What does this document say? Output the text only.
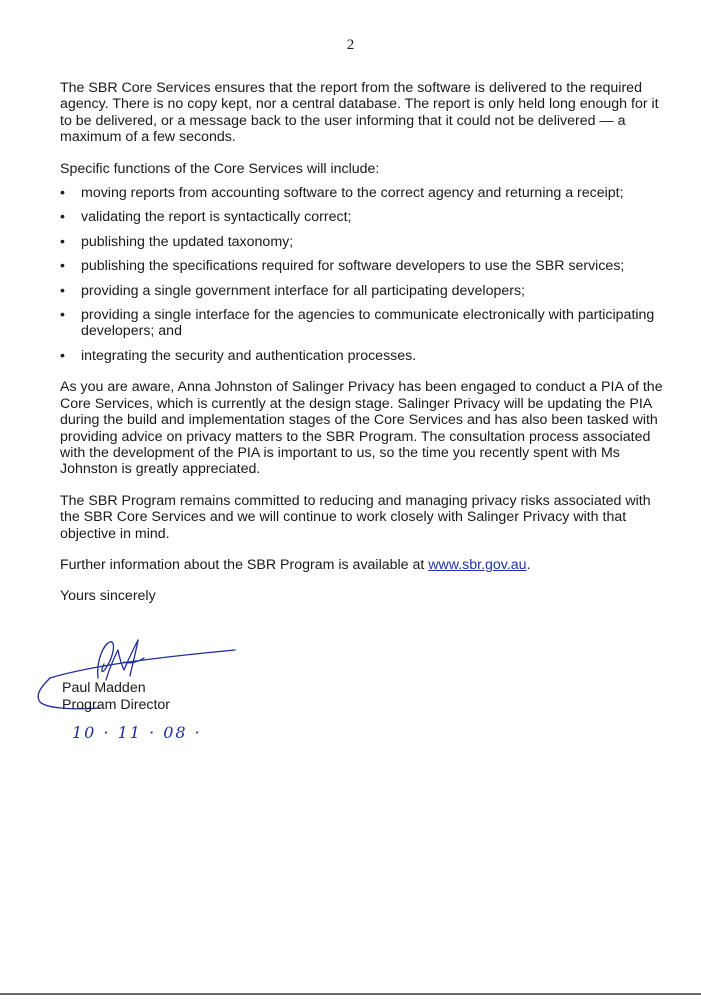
2

The SBR Core Services ensures that the report from the software is delivered to the required agency. There is no copy kept, nor a central database. The report is only held long enough for it to be delivered, or a message back to the user informing that it could not be delivered — a maximum of a few seconds.

Specific functions of the Core Services will include:

• moving reports from accounting software to the correct agency and returning a receipt;
• validating the report is syntactically correct;
• publishing the updated taxonomy;
• publishing the specifications required for software developers to use the SBR services;
• providing a single government interface for all participating developers;
• providing a single interface for the agencies to communicate electronically with participating developers; and
• integrating the security and authentication processes.

As you are aware, Anna Johnston of Salinger Privacy has been engaged to conduct a PIA of the Core Services, which is currently at the design stage. Salinger Privacy will be updating the PIA during the build and implementation stages of the Core Services and has also been tasked with providing advice on privacy matters to the SBR Program. The consultation process associated with the development of the PIA is important to us, so the time you recently spent with Ms Johnston is greatly appreciated.

The SBR Program remains committed to reducing and managing privacy risks associated with the SBR Core Services and we will continue to work closely with Salinger Privacy with that objective in mind.

Further information about the SBR Program is available at www.sbr.gov.au.

Yours sincerely

Paul Madden
Program Director
10 · 11 · 08 ·
